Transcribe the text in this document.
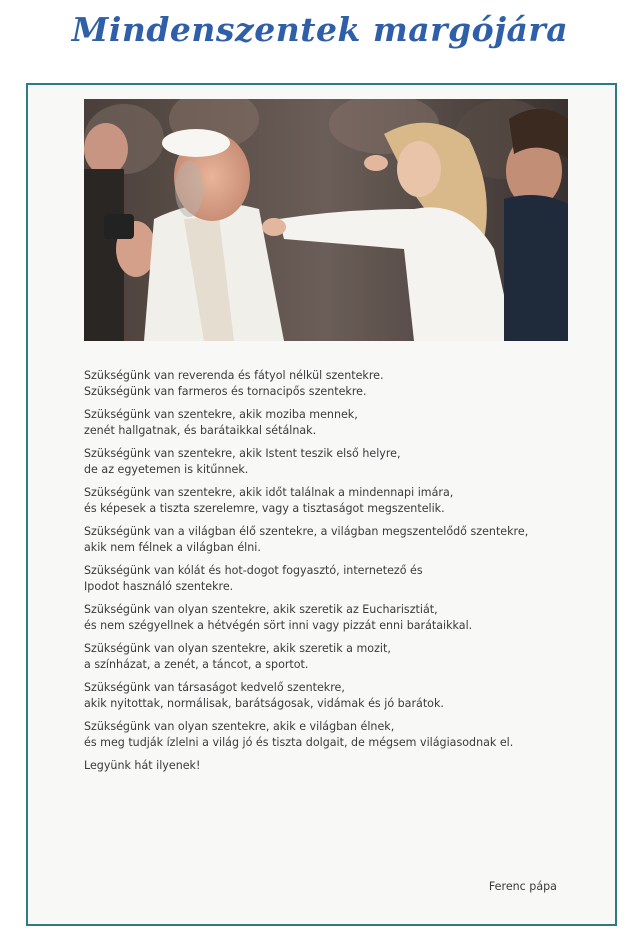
Mindenszentek margójára
Szükségünk van reverenda és fátyol nélkül szentekre.
Szükségünk van farmeros és tornacipős szentekre.
Szükségünk van szentekre, akik moziba mennek,
zenét hallgatnak, és barátaikkal sétálnak.
Szükségünk van szentekre, akik Istent teszik első helyre,
de az egyetemen is kitűnnek.
Szükségünk van szentekre, akik időt találnak a mindennapi imára,
és képesek a tiszta szerelemre, vagy a tisztaságot megszentelik.
Szükségünk van a világban élő szentekre, a világban megszentelődő szentekre,
akik nem félnek a világban élni.
Szükségünk van kólát és hot-dogot fogyasztó, internetező és
Ipodot használó szentekre.
Szükségünk van olyan szentekre, akik szeretik az Eucharisztiát,
és nem szégyellnek a hétvégén sört inni vagy pizzát enni barátaikkal.
Szükségünk van olyan szentekre, akik szeretik a mozit,
a színházat, a zenét, a táncot, a sportot.
Szükségünk van társaságot kedvelő szentekre,
akik nyitottak, normálisak, barátságosak, vidámak és jó barátok.
Szükségünk van olyan szentekre, akik e világban élnek,
és meg tudják ízlelni a világ jó és tiszta dolgait, de mégsem világiasodnak el.
Legyünk hát ilyenek!
Ferenc pápa
